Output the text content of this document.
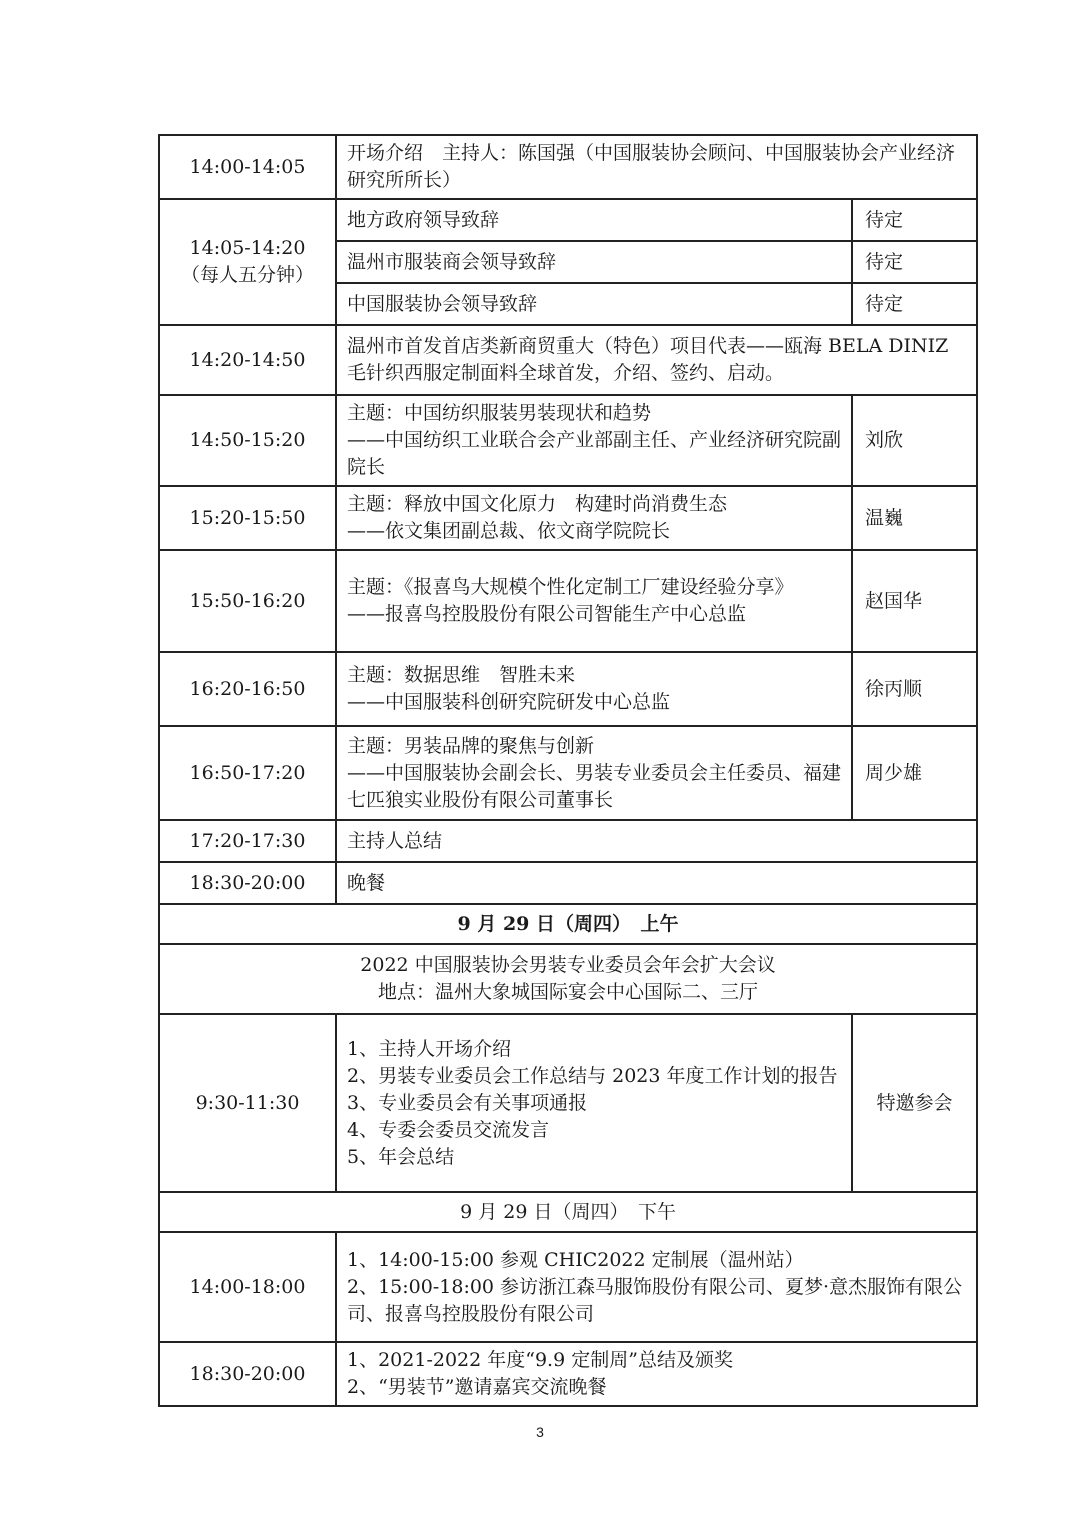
14:00-14:05	开场介绍　主持人：陈国强（中国服装协会顾问、中国服装协会产业经济研究所所长）	

14:05-14:20
（每人五分钟）	地方政府领导致辞	待定
	温州市服装商会领导致辞	待定
	中国服装协会领导致辞	待定
14:20-14:50	温州市首发首店类新商贸重大（特色）项目代表——瓯海 BELA DINIZ 毛针织西服定制面料全球首发，介绍、签约、启动。	
14:50-15:20	主题：中国纺织服装男装现状和趋势
——中国纺织工业联合会产业部副主任、产业经济研究院副院长	刘欣
15:20-15:50	主题：释放中国文化原力　构建时尚消费生态
——依文集团副总裁、依文商学院院长	温巍
15:50-16:20	主题：《报喜鸟大规模个性化定制工厂建设经验分享》
——报喜鸟控股股份有限公司智能生产中心总监	赵国华
16:20-16:50	主题：数据思维　智胜未来
——中国服装科创研究院研发中心总监	徐丙顺
16:50-17:20	主题：男装品牌的聚焦与创新
——中国服装协会副会长、男装专业委员会主任委员、福建七匹狼实业股份有限公司董事长	周少雄
17:20-17:30	主持人总结	
18:30-20:00	晚餐	
9 月 29 日（周四）　上午		

2022 中国服装协会男装专业委员会年会扩大会议
地点：温州大象城国际宴会中心国际二、三厅		

9:30-11:30	1、主持人开场介绍
2、男装专业委员会工作总结与 2023 年度工作计划的报告
3、专业委员会有关事项通报
4、专委会委员交流发言
5、年会总结	特邀参会
9 月 29 日（周四）　下午		
14:00-18:00	1、14:00-15:00 参观 CHIC2022 定制展（温州站）
2、15:00-18:00 参访浙江森马服饰股份有限公司、夏梦·意杰服饰有限公司、报喜鸟控股股份有限公司	

18:30-20:00	1、2021-2022 年度“9.9 定制周”总结及颁奖
2、“男装节”邀请嘉宾交流晚餐	
3
